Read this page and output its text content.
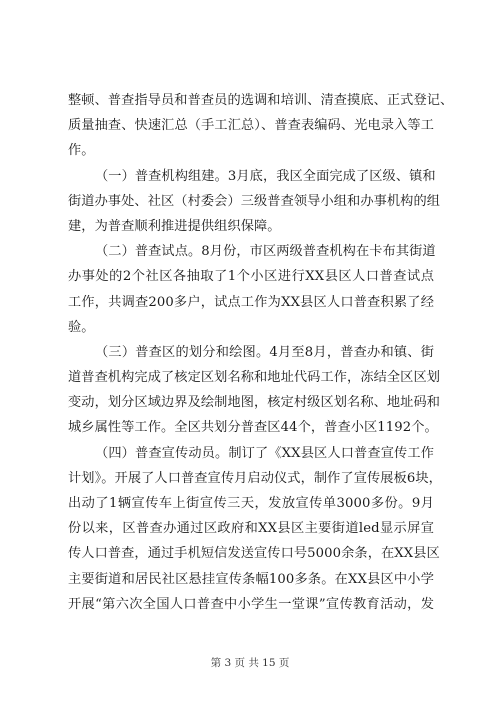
整顿、普查指导员和普查员的选调和培训、清查摸底、正式登记、
质量抽查、快速汇总（手工汇总）、普查表编码、光电录入等工
作。
（一）普查机构组建。3月底，我区全面完成了区级、镇和
街道办事处、社区（村委会）三级普查领导小组和办事机构的组
建，为普查顺利推进提供组织保障。
（二）普查试点。8月份，市区两级普查机构在卡布其街道
办事处的2个社区各抽取了1个小区进行XX县区人口普查试点
工作，共调查200多户，试点工作为XX县区人口普查积累了经
验。
（三）普查区的划分和绘图。4月至8月，普查办和镇、街
道普查机构完成了核定区划名称和地址代码工作，冻结全区区划
变动，划分区域边界及绘制地图，核定村级区划名称、地址码和
城乡属性等工作。全区共划分普查区44个，普查小区1192个。
（四）普查宣传动员。制订了《XX县区人口普查宣传工作
计划》。开展了人口普查宣传月启动仪式，制作了宣传展板6块，
出动了1辆宣传车上街宣传三天，发放宣传单3000多份。9月
份以来，区普查办通过区政府和XX县区主要街道led显示屏宣
传人口普查，通过手机短信发送宣传口号5000余条，在XX县区
主要街道和居民社区悬挂宣传条幅100多条。在XX县区中小学
开展“第六次全国人口普查中小学生一堂课”宣传教育活动，发
第 3 页 共 15 页
